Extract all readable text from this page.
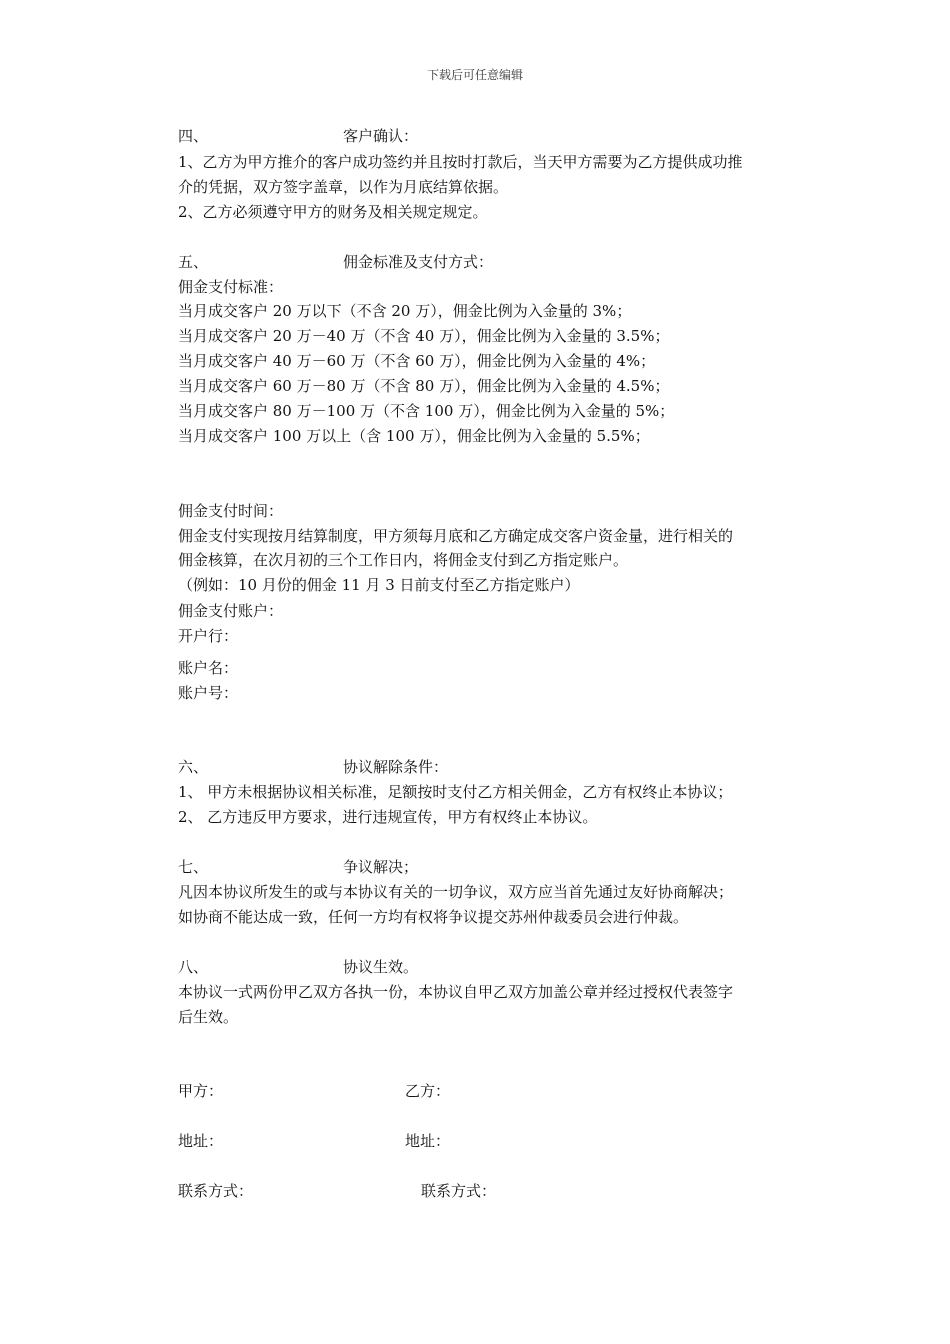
下载后可任意编辑
四、	客户确认：
1、乙方为甲方推介的客户成功签约并且按时打款后，当天甲方需要为乙方提供成功推
介的凭据，双方签字盖章，以作为月底结算依据。
2、乙方必须遵守甲方的财务及相关规定规定。
五、	佣金标准及支付方式：
佣金支付标准：
当月成交客户 20 万以下（不含 20 万），佣金比例为入金量的 3%；
当月成交客户 20 万－40 万（不含 40 万），佣金比例为入金量的 3.5%；
当月成交客户 40 万－60 万（不含 60 万），佣金比例为入金量的 4%；
当月成交客户 60 万－80 万（不含 80 万），佣金比例为入金量的 4.5%；
当月成交客户 80 万－100 万（不含 100 万），佣金比例为入金量的 5%；
当月成交客户 100 万以上（含 100 万），佣金比例为入金量的 5.5%；
佣金支付时间：
佣金支付实现按月结算制度，甲方须每月底和乙方确定成交客户资金量，进行相关的
佣金核算，在次月初的三个工作日内，将佣金支付到乙方指定账户。
（例如：10 月份的佣金 11 月 3 日前支付至乙方指定账户）
佣金支付账户：
开户行：
账户名：
账户号：
六、	协议解除条件：
1、 甲方未根据协议相关标准，足额按时支付乙方相关佣金，乙方有权终止本协议；
2、 乙方违反甲方要求，进行违规宣传，甲方有权终止本协议。
七、	争议解决；
凡因本协议所发生的或与本协议有关的一切争议，双方应当首先通过友好协商解决；
如协商不能达成一致，任何一方均有权将争议提交苏州仲裁委员会进行仲裁。
八、	协议生效。
本协议一式两份甲乙双方各执一份，本协议自甲乙双方加盖公章并经过授权代表签字
后生效。
甲方：	乙方：
地址：	地址：
联系方式：	联系方式：
